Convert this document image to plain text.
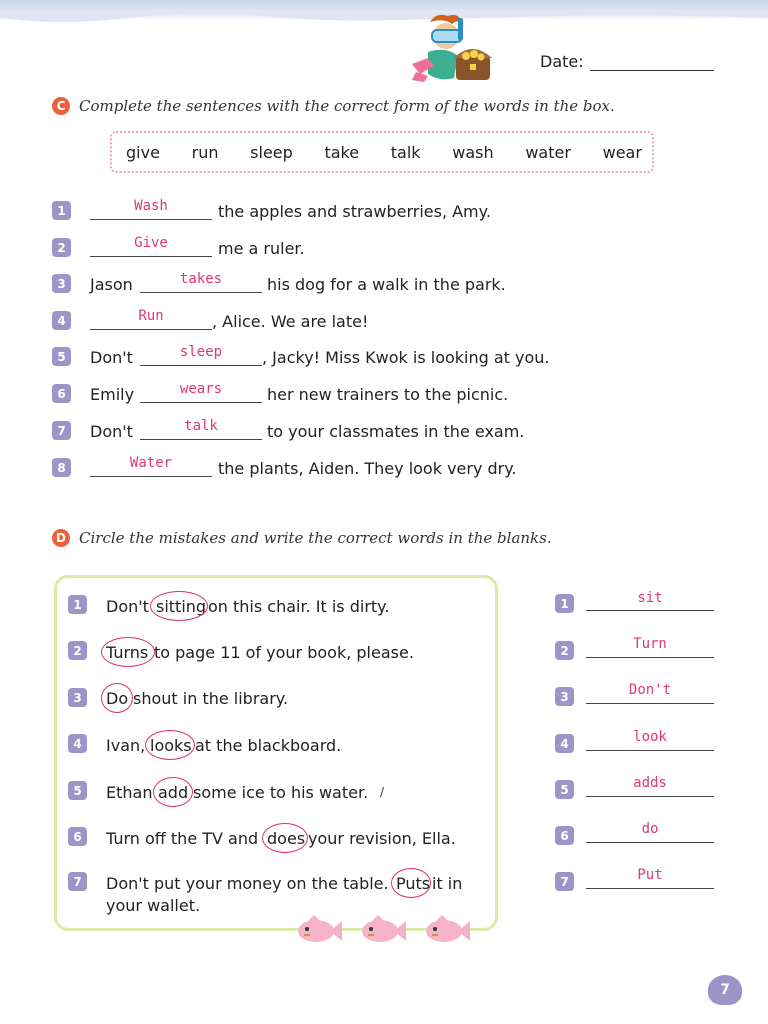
Date:
C Complete the sentences with the correct form of the words in the box.
give run sleep take talk wash water wear
1	Wash	the apples and strawberries, Amy.
2	Give	me a ruler.
3	Jason	takes	his dog for a walk in the park.
4	Run	, Alice. We are late!
5	Don't	sleep	, Jacky! Miss Kwok is looking at you.
6	Emily	wears	her new trainers to the picnic.
7	Don't	talk	to your classmates in the exam.
8	Water	the plants, Aiden. They look very dry.
D Circle the mistakes and write the correct words in the blanks.
1	Don't sitting on this chair. It is dirty.
2	Turns to page 11 of your book, please.
3	Do shout in the library.
4	Ivan, looks at the blackboard.
5	Ethan add some ice to his water. /
6	Turn off the TV and does your revision, Ella.
7	Don't put your money on the table. Puts it in
your wallet.
1	sit
2	Turn
3	Don't
4	look
5	adds
6	do
7	Put
7
